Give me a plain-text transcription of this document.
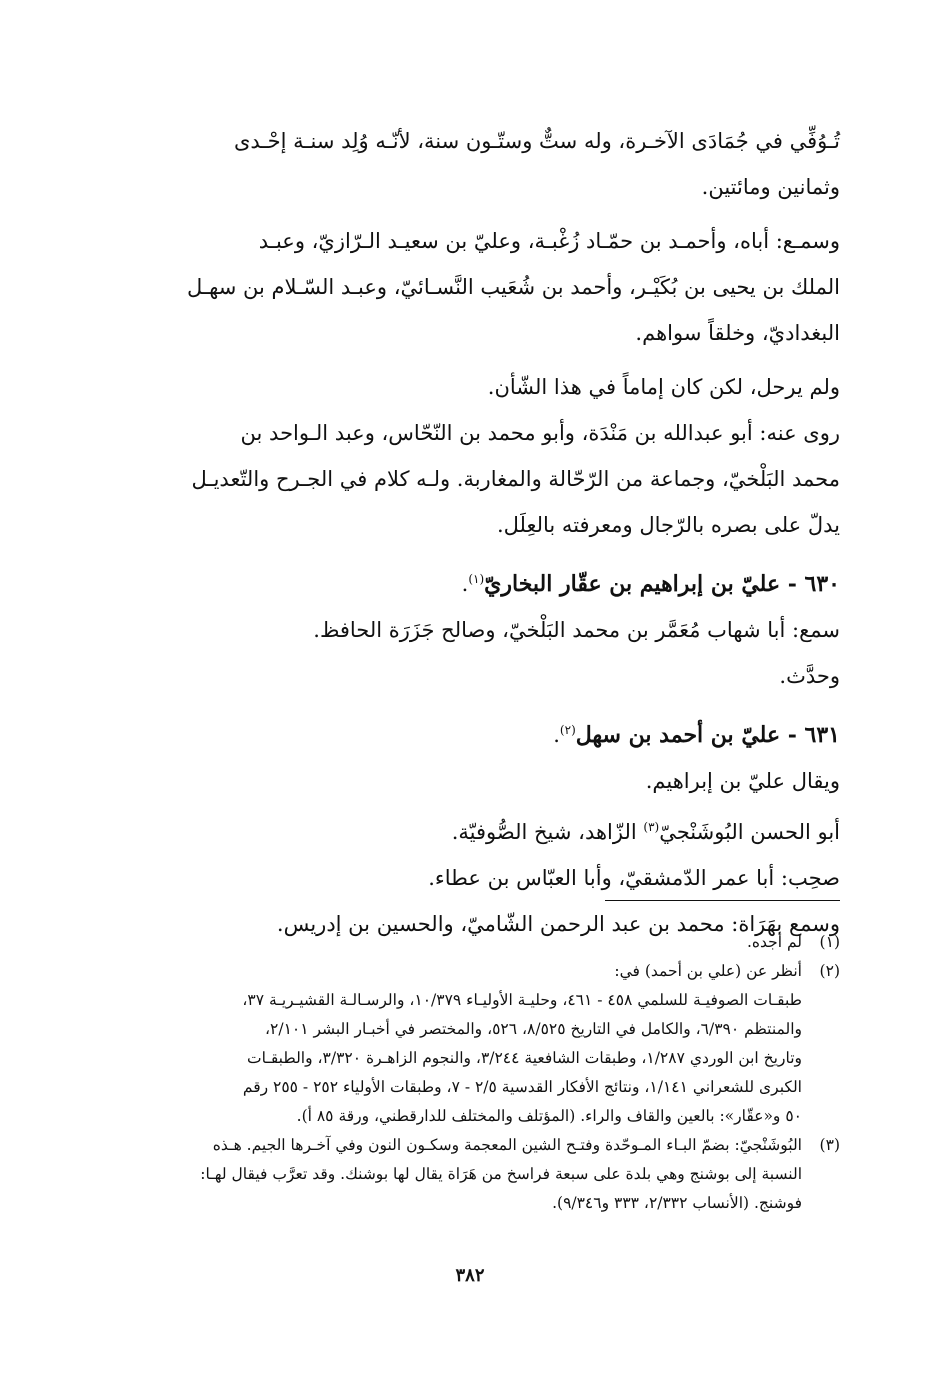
تُـوُفِّي في جُمَادَى الآخـرة، وله ستٌّ وستّـون سنة، لأنّـه وُلِد سنـة إحْـدى
وثمانين ومائتين.

وسمـع: أباه، وأحمـد بن حمّـاد زُغْبـة، وعليّ بن سعيـد الـرّازيّ، وعبـد
الملك بن يحيى بن بُكَيْـر، وأحمد بن شُعَيب النَّسـائيّ، وعبـد السّـلام بن سهـل
البغداديّ، وخلقاً سواهم.

ولم يرحل، لكن كان إماماً في هذا الشّأن.

روى عنه: أبو عبدالله بن مَنْدَة، وأبو محمد بن النّحّاس، وعبد الـواحد بن
محمد البَلْخيّ، وجماعة من الرّحّالة والمغاربة. ولـه كلام في الجـرح والتّعديـل
يدلّ على بصره بالرّجال ومعرفته بالعِلَل.

٦٣٠ - عليّ بن إبراهيم بن عقّار البخاريّ$^{(١)}$.

سمع: أبا شهاب مُعَمَّر بن محمد البَلْخيّ، وصالح جَزَرَة الحافظ.

وحدَّث.

٦٣١ - عليّ بن أحمد بن سهل$^{(٢)}$.

ويقال عليّ بن إبراهيم.

أبو الحسن البُوشَنْجيّ$^{(٣)}$ الزّاهد، شيخ الصُّوفيّة.

صحِب: أبا عمر الدّمشقيّ، وأبا العبّاس بن عطاء.

وسمع بهَرَاة: محمد بن عبد الرحمن الشّاميّ، والحسين بن إدريس.

(١)
لم أجده.
(٢)
أنظر عن (علي بن أحمد) في:
طبقـات الصوفيـة للسلمي ٤٥٨ - ٤٦١، وحليـة الأوليـاء ١٠/٣٧٩، والرسـالـة القشيـريـة ٣٧،
والمنتظم ٦/٣٩٠، والكامل في التاريخ ٨/٥٢٥، ٥٢٦، والمختصر في أخبـار البشر ٢/١٠١،
وتاريخ ابن الوردي ١/٢٨٧، وطبقات الشافعية ٣/٢٤٤، والنجوم الزاهـرة ٣/٣٢٠، والطبقـات
الكبرى للشعراني ١/١٤١، ونتائج الأفكار القدسية ٢/٥ - ٧، وطبقات الأولياء ٢٥٢ - ٢٥٥ رقم
٥٠ و«عقّار»: بالعين والقاف والراء. (المؤتلف والمختلف للدارقطني، ورقة ٨٥ أ).
(٣)
البُوشَنْجيّ: بضمّ البـاء المـوحّدة وفتـح الشين المعجمة وسكـون النون وفي آخـرها الجيم. هـذه
النسبة إلى بوشنج وهي بلدة على سبعة فراسخ من هَرَاة يقال لها بوشنك. وقد تعرَّب فيقال لهـا:
فوشنج. (الأنساب ٢/٣٣٢، ٣٣٣ و٩/٣٤٦).
٣٨٢
